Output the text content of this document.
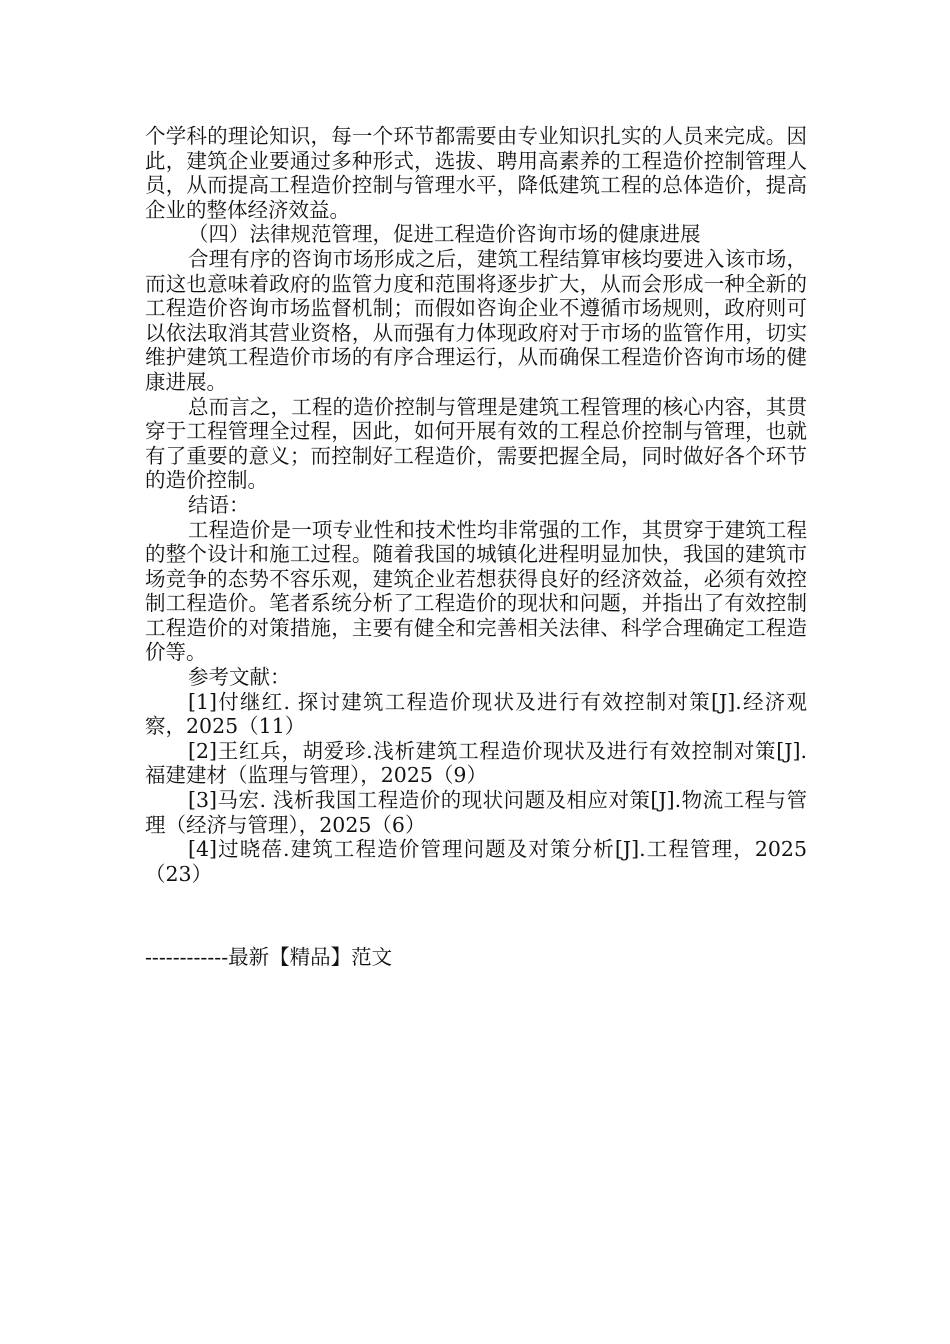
个学科的理论知识，每一个环节都需要由专业知识扎实的人员来完成。因此，建筑企业要通过多种形式，选拔、聘用高素养的工程造价控制管理人员，从而提高工程造价控制与管理水平，降低建筑工程的总体造价，提高企业的整体经济效益。

（四）法律规范管理，促进工程造价咨询市场的健康进展

合理有序的咨询市场形成之后，建筑工程结算审核均要进入该市场，而这也意味着政府的监管力度和范围将逐步扩大，从而会形成一种全新的工程造价咨询市场监督机制；而假如咨询企业不遵循市场规则，政府则可以依法取消其营业资格，从而强有力体现政府对于市场的监管作用，切实维护建筑工程造价市场的有序合理运行，从而确保工程造价咨询市场的健康进展。

总而言之，工程的造价控制与管理是建筑工程管理的核心内容，其贯穿于工程管理全过程，因此，如何开展有效的工程总价控制与管理，也就有了重要的意义；而控制好工程造价，需要把握全局，同时做好各个环节的造价控制。

结语：

工程造价是一项专业性和技术性均非常强的工作，其贯穿于建筑工程的整个设计和施工过程。随着我国的城镇化进程明显加快，我国的建筑市场竞争的态势不容乐观，建筑企业若想获得良好的经济效益，必须有效控制工程造价。笔者系统分析了工程造价的现状和问题，并指出了有效控制工程造价的对策措施，主要有健全和完善相关法律、科学合理确定工程造价等。

参考文献：

[1]付继红. 探讨建筑工程造价现状及进行有效控制对策[J].经济观察，2025（11）

[2]王红兵，胡爱珍.浅析建筑工程造价现状及进行有效控制对策[J].福建建材（监理与管理），2025（9）

[3]马宏. 浅析我国工程造价的现状问题及相应对策[J].物流工程与管理（经济与管理），2025（6）

[4]过晓蓓.建筑工程造价管理问题及对策分析[J].工程管理，2025（23）

------------最新【精品】范文
